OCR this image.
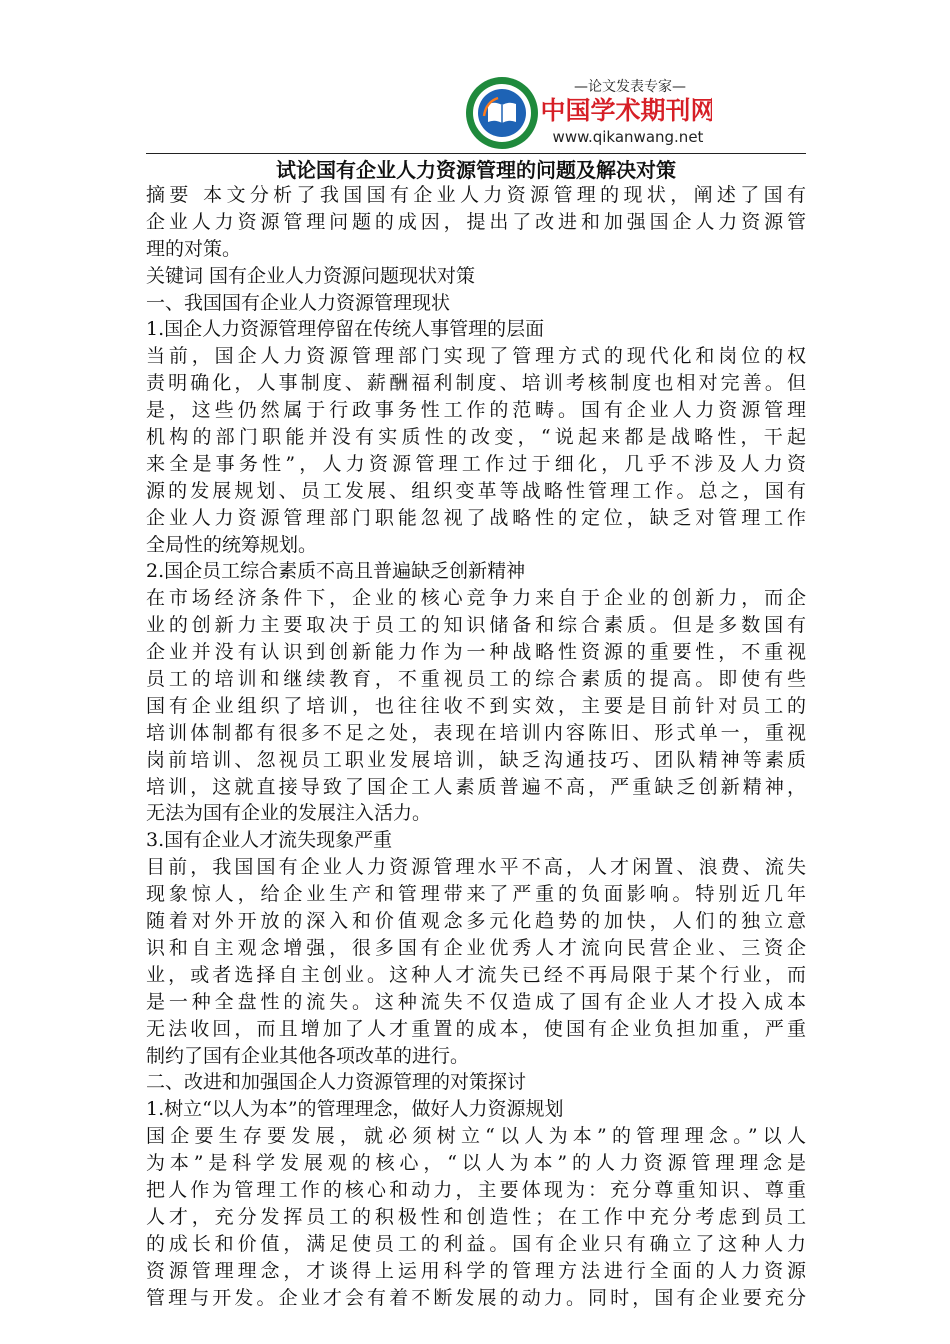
—论文发表专家—
中国学术期刊网
www.qikanwang.net
试论国有企业人力资源管理的问题及解决对策
摘要 本文分析了我国国有企业人力资源管理的现状，阐述了国有
企业人力资源管理问题的成因，提出了改进和加强国企人力资源管
理的对策。
关键词 国有企业人力资源问题现状对策
一、我国国有企业人力资源管理现状
1.国企人力资源管理停留在传统人事管理的层面
当前，国企人力资源管理部门实现了管理方式的现代化和岗位的权
责明确化，人事制度、薪酬福利制度、培训考核制度也相对完善。但
是，这些仍然属于行政事务性工作的范畴。国有企业人力资源管理
机构的部门职能并没有实质性的改变，“说起来都是战略性，干起
来全是事务性”，人力资源管理工作过于细化，几乎不涉及人力资
源的发展规划、员工发展、组织变革等战略性管理工作。总之，国有
企业人力资源管理部门职能忽视了战略性的定位，缺乏对管理工作
全局性的统筹规划。
2.国企员工综合素质不高且普遍缺乏创新精神
在市场经济条件下，企业的核心竞争力来自于企业的创新力，而企
业的创新力主要取决于员工的知识储备和综合素质。但是多数国有
企业并没有认识到创新能力作为一种战略性资源的重要性，不重视
员工的培训和继续教育，不重视员工的综合素质的提高。即使有些
国有企业组织了培训，也往往收不到实效，主要是目前针对员工的
培训体制都有很多不足之处，表现在培训内容陈旧、形式单一，重视
岗前培训、忽视员工职业发展培训，缺乏沟通技巧、团队精神等素质
培训，这就直接导致了国企工人素质普遍不高，严重缺乏创新精神，
无法为国有企业的发展注入活力。
3.国有企业人才流失现象严重
目前，我国国有企业人力资源管理水平不高，人才闲置、浪费、流失
现象惊人，给企业生产和管理带来了严重的负面影响。特别近几年
随着对外开放的深入和价值观念多元化趋势的加快，人们的独立意
识和自主观念增强，很多国有企业优秀人才流向民营企业、三资企
业，或者选择自主创业。这种人才流失已经不再局限于某个行业，而
是一种全盘性的流失。这种流失不仅造成了国有企业人才投入成本
无法收回，而且增加了人才重置的成本，使国有企业负担加重，严重
制约了国有企业其他各项改革的进行。
二、改进和加强国企人力资源管理的对策探讨
1.树立“以人为本”的管理理念，做好人力资源规划
国企要生存要发展，就必须树立“以人为本”的管理理念。”以人
为本”是科学发展观的核心，“以人为本”的人力资源管理理念是
把人作为管理工作的核心和动力，主要体现为：充分尊重知识、尊重
人才，充分发挥员工的积极性和创造性；在工作中充分考虑到员工
的成长和价值，满足使员工的利益。国有企业只有确立了这种人力
资源管理理念，才谈得上运用科学的管理方法进行全面的人力资源
管理与开发。企业才会有着不断发展的动力。同时，国有企业要充分
